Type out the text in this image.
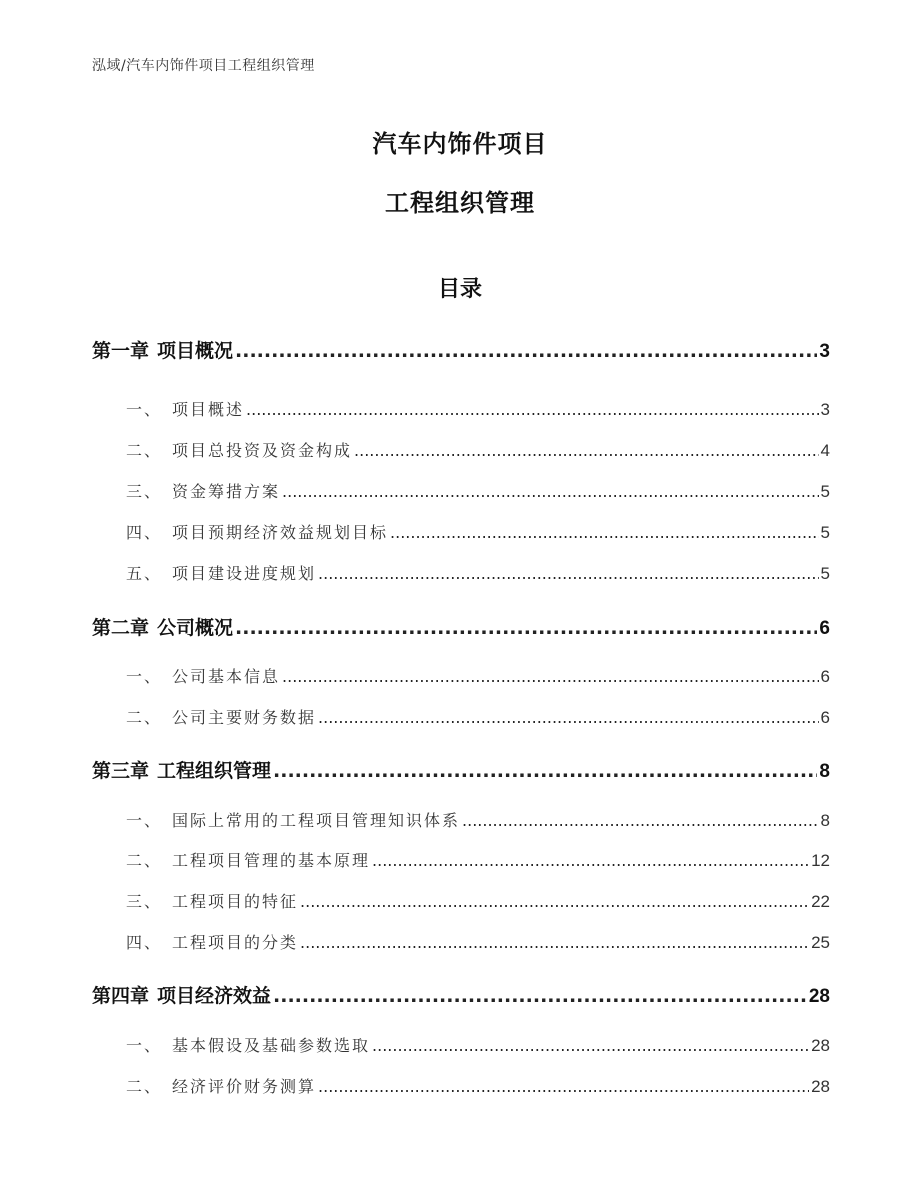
泓域/汽车内饰件项目工程组织管理
汽车内饰件项目
工程组织管理
目录
第一章 项目概况 .....	3
一、 项目概述 .....	3
二、 项目总投资及资金构成 .....	4
三、 资金筹措方案 .....	5
四、 项目预期经济效益规划目标 .....	5
五、 项目建设进度规划 .....	5
第二章 公司概况 .....	6
一、 公司基本信息 .....	6
二、 公司主要财务数据 .....	6
第三章 工程组织管理 .....	8
一、 国际上常用的工程项目管理知识体系 .....	8
二、 工程项目管理的基本原理 .....	12
三、 工程项目的特征 .....	22
四、 工程项目的分类 .....	25
第四章 项目经济效益 .....	28
一、 基本假设及基础参数选取 .....	28
二、 经济评价财务测算 .....	28
